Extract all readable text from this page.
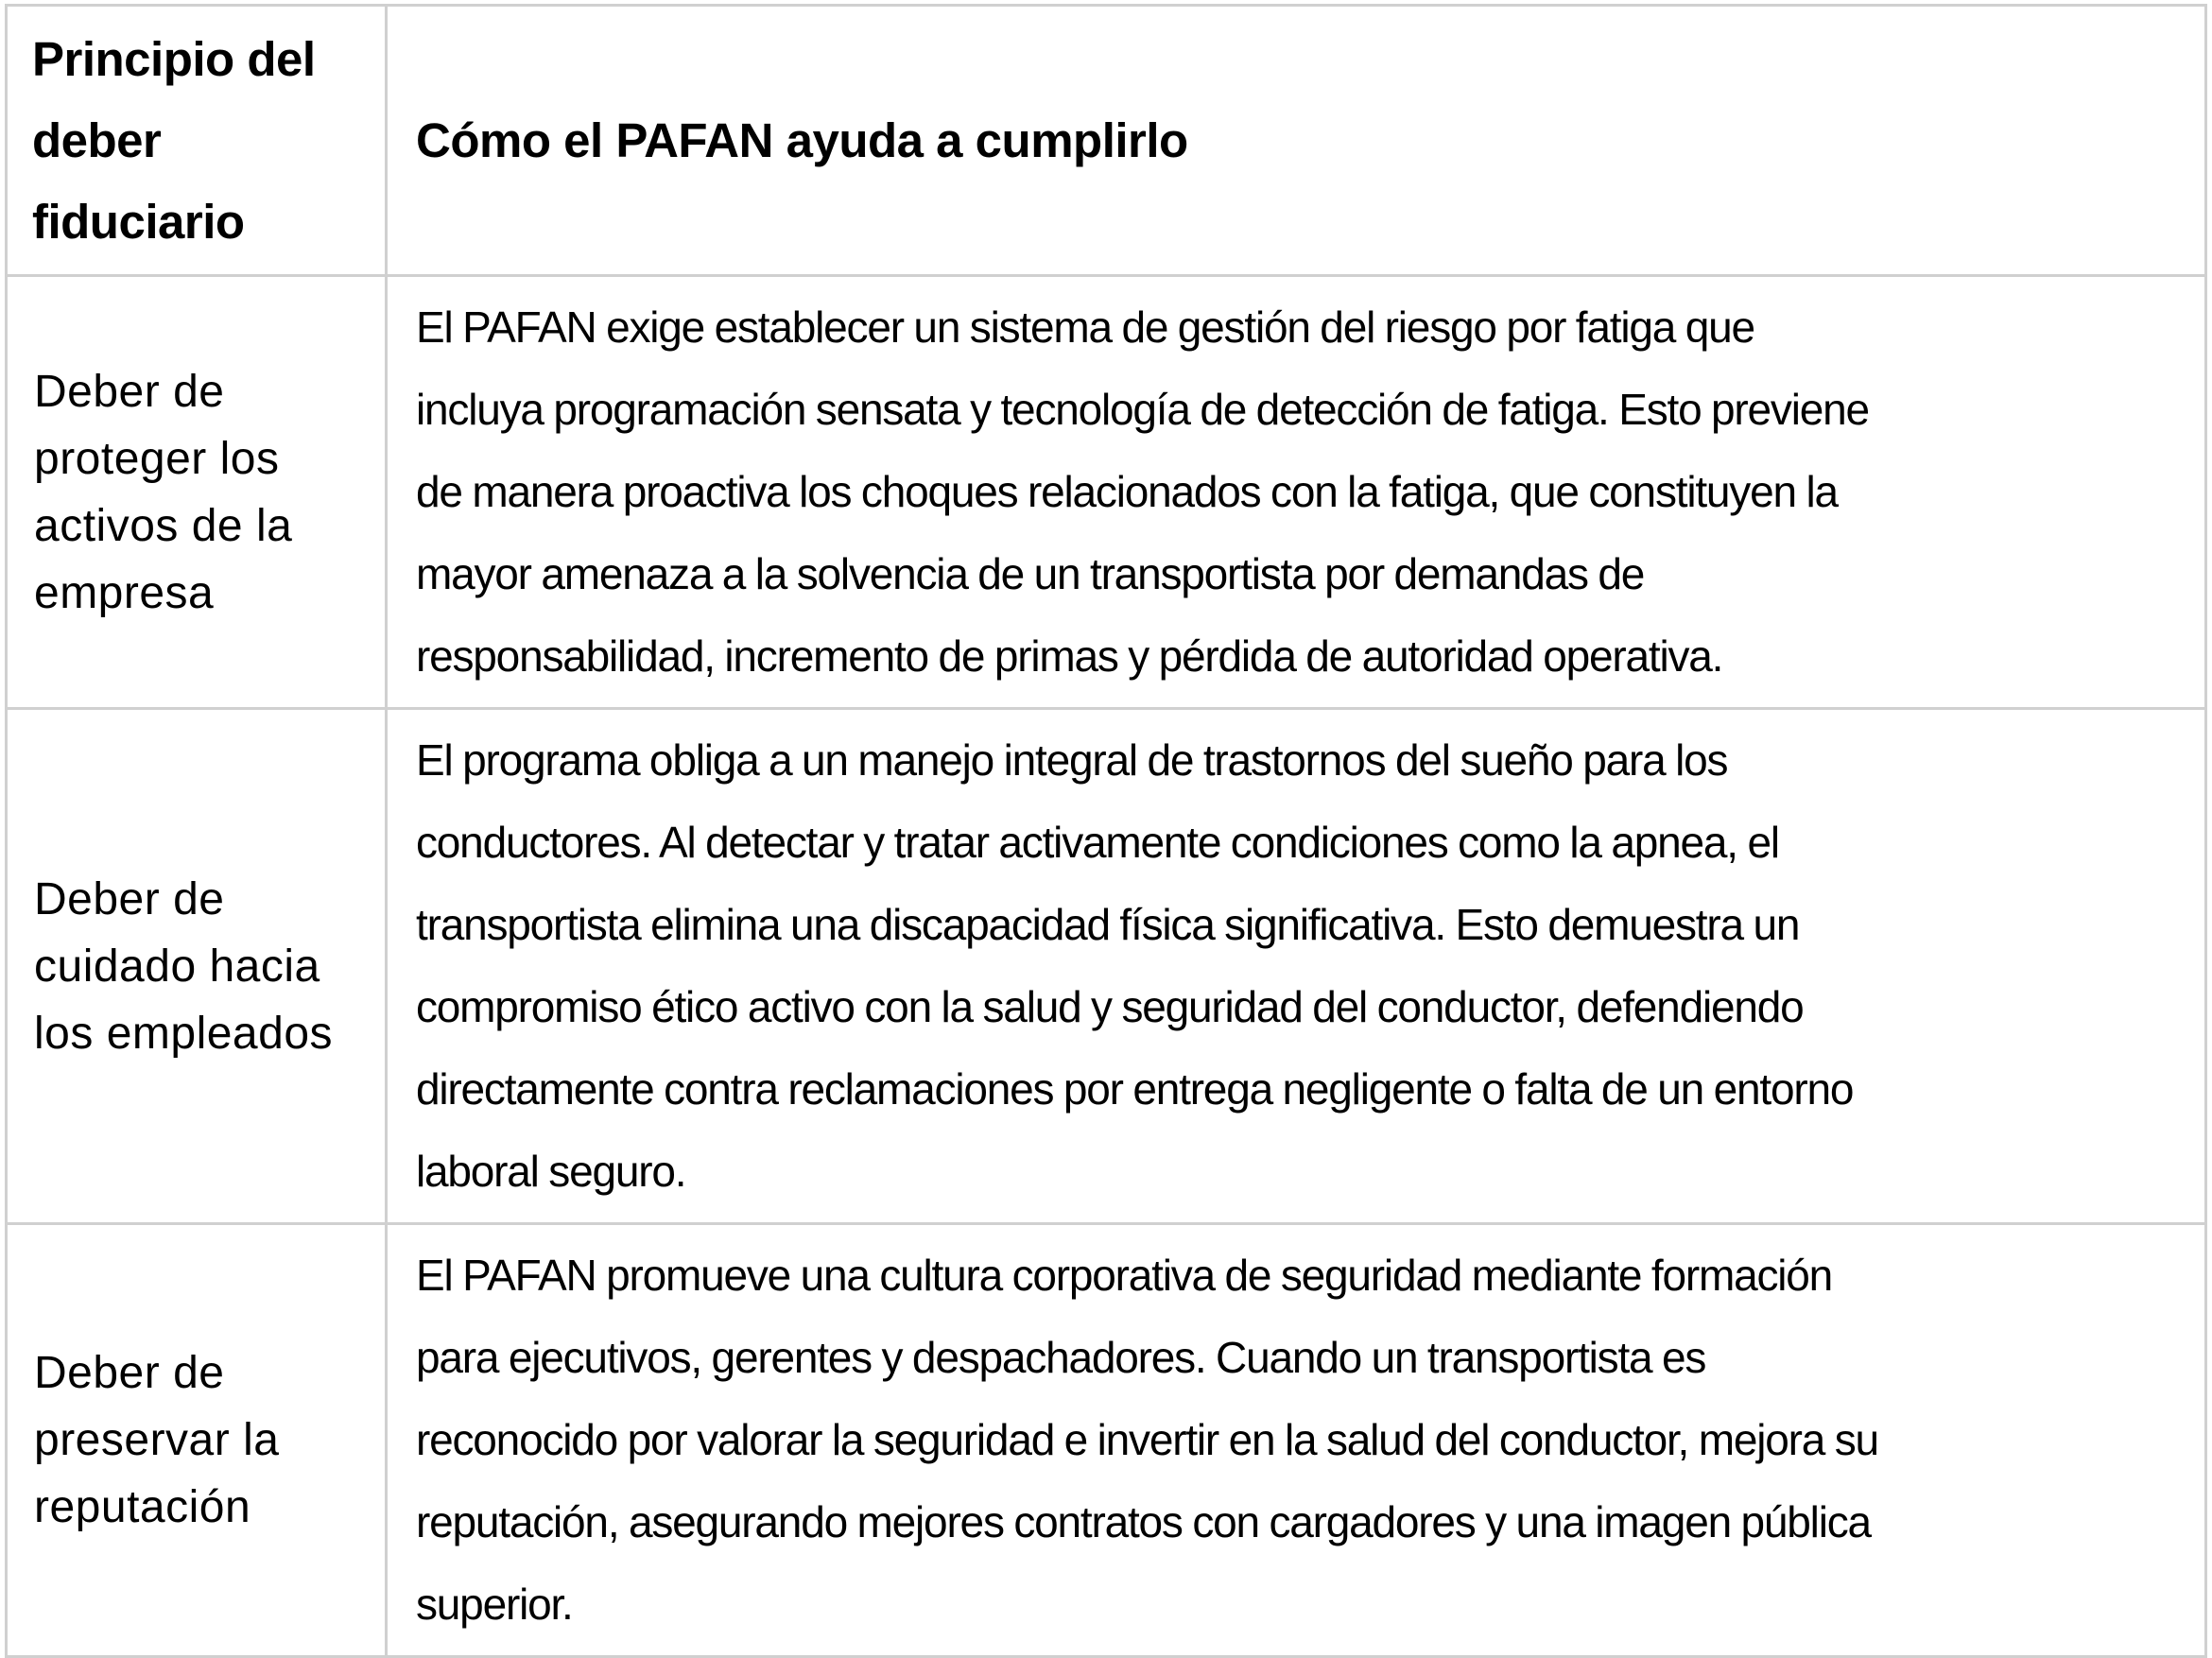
Principio del deber fiduciario	Cómo el PAFAN ayuda a cumplirlo

Deber de proteger los activos de la empresa	El PAFAN exige establecer un sistema de gestión del riesgo por fatiga que incluya programación sensata y tecnología de detección de fatiga. Esto previene de manera proactiva los choques relacionados con la fatiga, que constituyen la mayor amenaza a la solvencia de un transportista por demandas de responsabilidad, incremento de primas y pérdida de autoridad operativa.

Deber de cuidado hacia los empleados	El programa obliga a un manejo integral de trastornos del sueño para los conductores. Al detectar y tratar activamente condiciones como la apnea, el transportista elimina una discapacidad física significativa. Esto demuestra un compromiso ético activo con la salud y seguridad del conductor, defendiendo directamente contra reclamaciones por entrega negligente o falta de un entorno laboral seguro.

Deber de preservar la reputación	El PAFAN promueve una cultura corporativa de seguridad mediante formación para ejecutivos, gerentes y despachadores. Cuando un transportista es reconocido por valorar la seguridad e invertir en la salud del conductor, mejora su reputación, asegurando mejores contratos con cargadores y una imagen pública superior.
